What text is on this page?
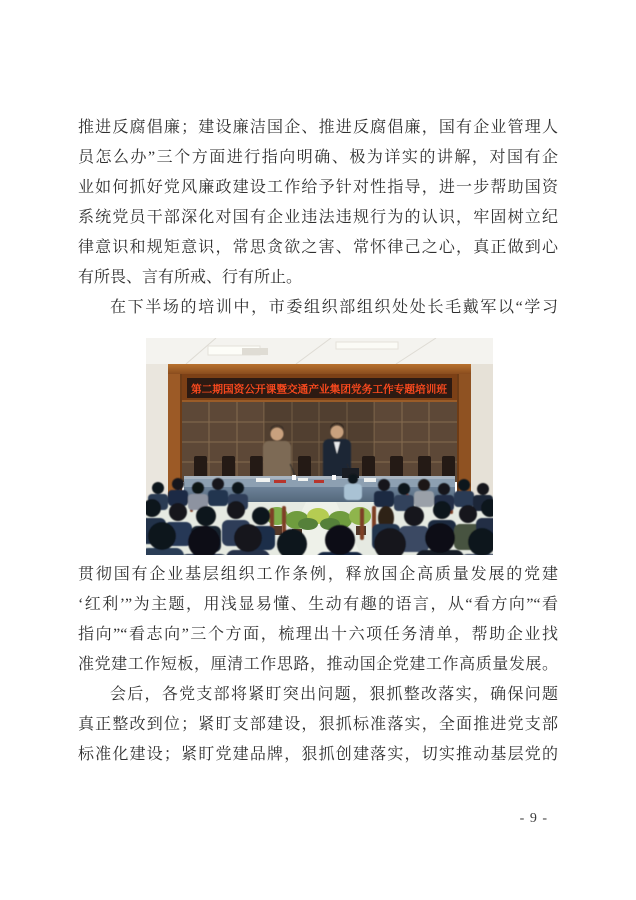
推进反腐倡廉；建设廉洁国企、推进反腐倡廉，国有企业管理人
员怎么办”三个方面进行指向明确、极为详实的讲解，对国有企
业如何抓好党风廉政建设工作给予针对性指导，进一步帮助国资
系统党员干部深化对国有企业违法违规行为的认识，牢固树立纪
律意识和规矩意识，常思贪欲之害、常怀律己之心，真正做到心
有所畏、言有所戒、行有所止。
在下半场的培训中，市委组织部组织处处长毛戴军以“学习
第二期国资公开课暨交通产业集团党务工作专题培训班
贯彻国有企业基层组织工作条例，释放国企高质量发展的党建
‘红利’”为主题，用浅显易懂、生动有趣的语言，从“看方向”“看
指向”“看志向”三个方面，梳理出十六项任务清单，帮助企业找
准党建工作短板，厘清工作思路，推动国企党建工作高质量发展。
会后，各党支部将紧盯突出问题，狠抓整改落实，确保问题
真正整改到位；紧盯支部建设，狠抓标准落实，全面推进党支部
标准化建设；紧盯党建品牌，狠抓创建落实，切实推动基层党的
- 9 -
